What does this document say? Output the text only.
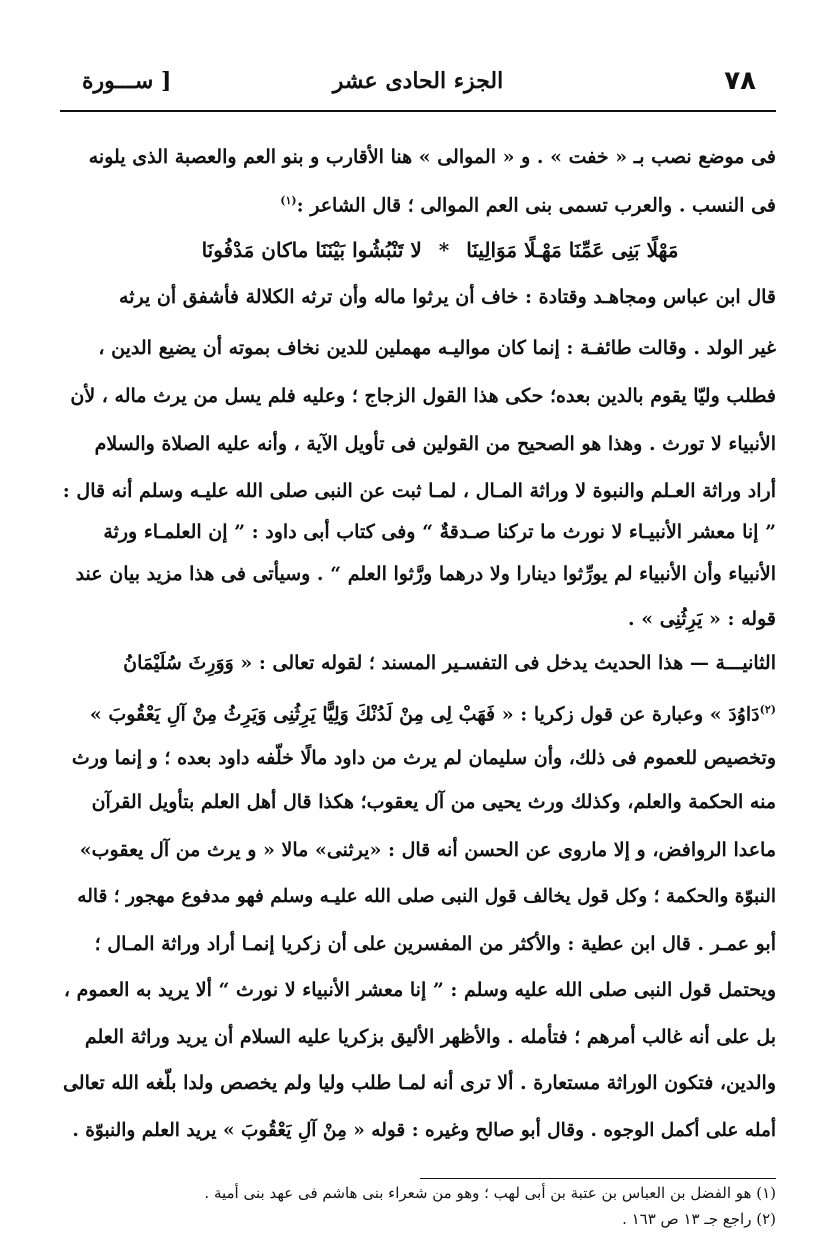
٧٨
الجزء الحادى عشر
[ ســـورة
فى موضع نصب بـ « خفت » . و « الموالى » هنا الأقارب و بنو العم والعصبة الذى يلونه
فى النسب . والعرب تسمى بنى العم الموالى ؛ قال الشاعر :$^{(١)}$
مَهْلًا بَنِى عَمِّنَا مَهْـلًا مَوَالِينَا * لا تَنْبُشُوا بَيْنَنَا ماكان مَدْفُونَا
قال ابن عباس ومجاهـد وقتادة : خاف أن يرثوا ماله وأن ترثه الكلالة فأشفق أن يرثه
غير الولد . وقالت طائفـة : إنما كان مواليـه مهملين للدين نخاف بموته أن يضيع الدين ،
فطلب وليّا يقوم بالدين بعده؛ حكى هذا القول الزجاج ؛ وعليه فلم يسل من يرث ماله ، لأن
الأنبياء لا تورث . وهذا هو الصحيح من القولين فى تأويل الآية ، وأنه عليه الصلاة والسلام
أراد وراثة العـلم والنبوة لا وراثة المـال ، لمـا ثبت عن النبى صلى الله عليـه وسلم أنه قال :
” إنا معشر الأنبيـاء لا نورث ما تركنا صـدقةٌ “ وفى كتاب أبى داود : ” إن العلمـاء ورثة
الأنبياء وأن الأنبياء لم يورِّثوا دينارا ولا درهما ورَّثوا العلم “ . وسيأتى فى هذا مزيد بيان عند
قوله : « يَرِثُنِى » .
الثانيـــة — هذا الحديث يدخل فى التفسـير المسند ؛ لقوله تعالى : « وَوَرِثَ سُلَيْمَانُ
$^{(٢)}$دَاوُدَ » وعبارة عن قول زكريا : « فَهَبْ لِى مِنْ لَدُنْكَ وَلِيًّا يَرِثُنِى وَيَرِثُ مِنْ آلِ يَعْقُوبَ »
وتخصيص للعموم فى ذلك، وأن سليمان لم يرث من داود مالًا خلّفه داود بعده ؛ و إنما ورث
منه الحكمة والعلم، وكذلك ورث يحيى من آل يعقوب؛ هكذا قال أهل العلم بتأويل القرآن
ماعدا الروافض، و إلا ماروى عن الحسن أنه قال : «يرثنى» مالا « و يرث من آل يعقوب»
النبوّة والحكمة ؛ وكل قول يخالف قول النبى صلى الله عليـه وسلم فهو مدفوع مهجور ؛ قاله
أبو عمـر . قال ابن عطية : والأكثر من المفسرين على أن زكريا إنمـا أراد وراثة المـال ؛
ويحتمل قول النبى صلى الله عليه وسلم : ” إنا معشر الأنبياء لا نورث “ ألا يريد به العموم ،
بل على أنه غالب أمرهم ؛ فتأمله . والأظهر الأليق بزكريا عليه السلام أن يريد وراثة العلم
والدين، فتكون الوراثة مستعارة . ألا ترى أنه لمـا طلب وليا ولم يخصص ولدا بلّغه الله تعالى
أمله على أكمل الوجوه . وقال أبو صالح وغيره : قوله « مِنْ آلِ يَعْقُوبَ » يريد العلم والنبوّة .
(١) هو الفضل بن العباس بن عتبة بن أبى لهب ؛ وهو من شعراء بنى هاشم فى عهد بنى أمية .
(٢) راجع جـ ١٣ ص ١٦٣ .
